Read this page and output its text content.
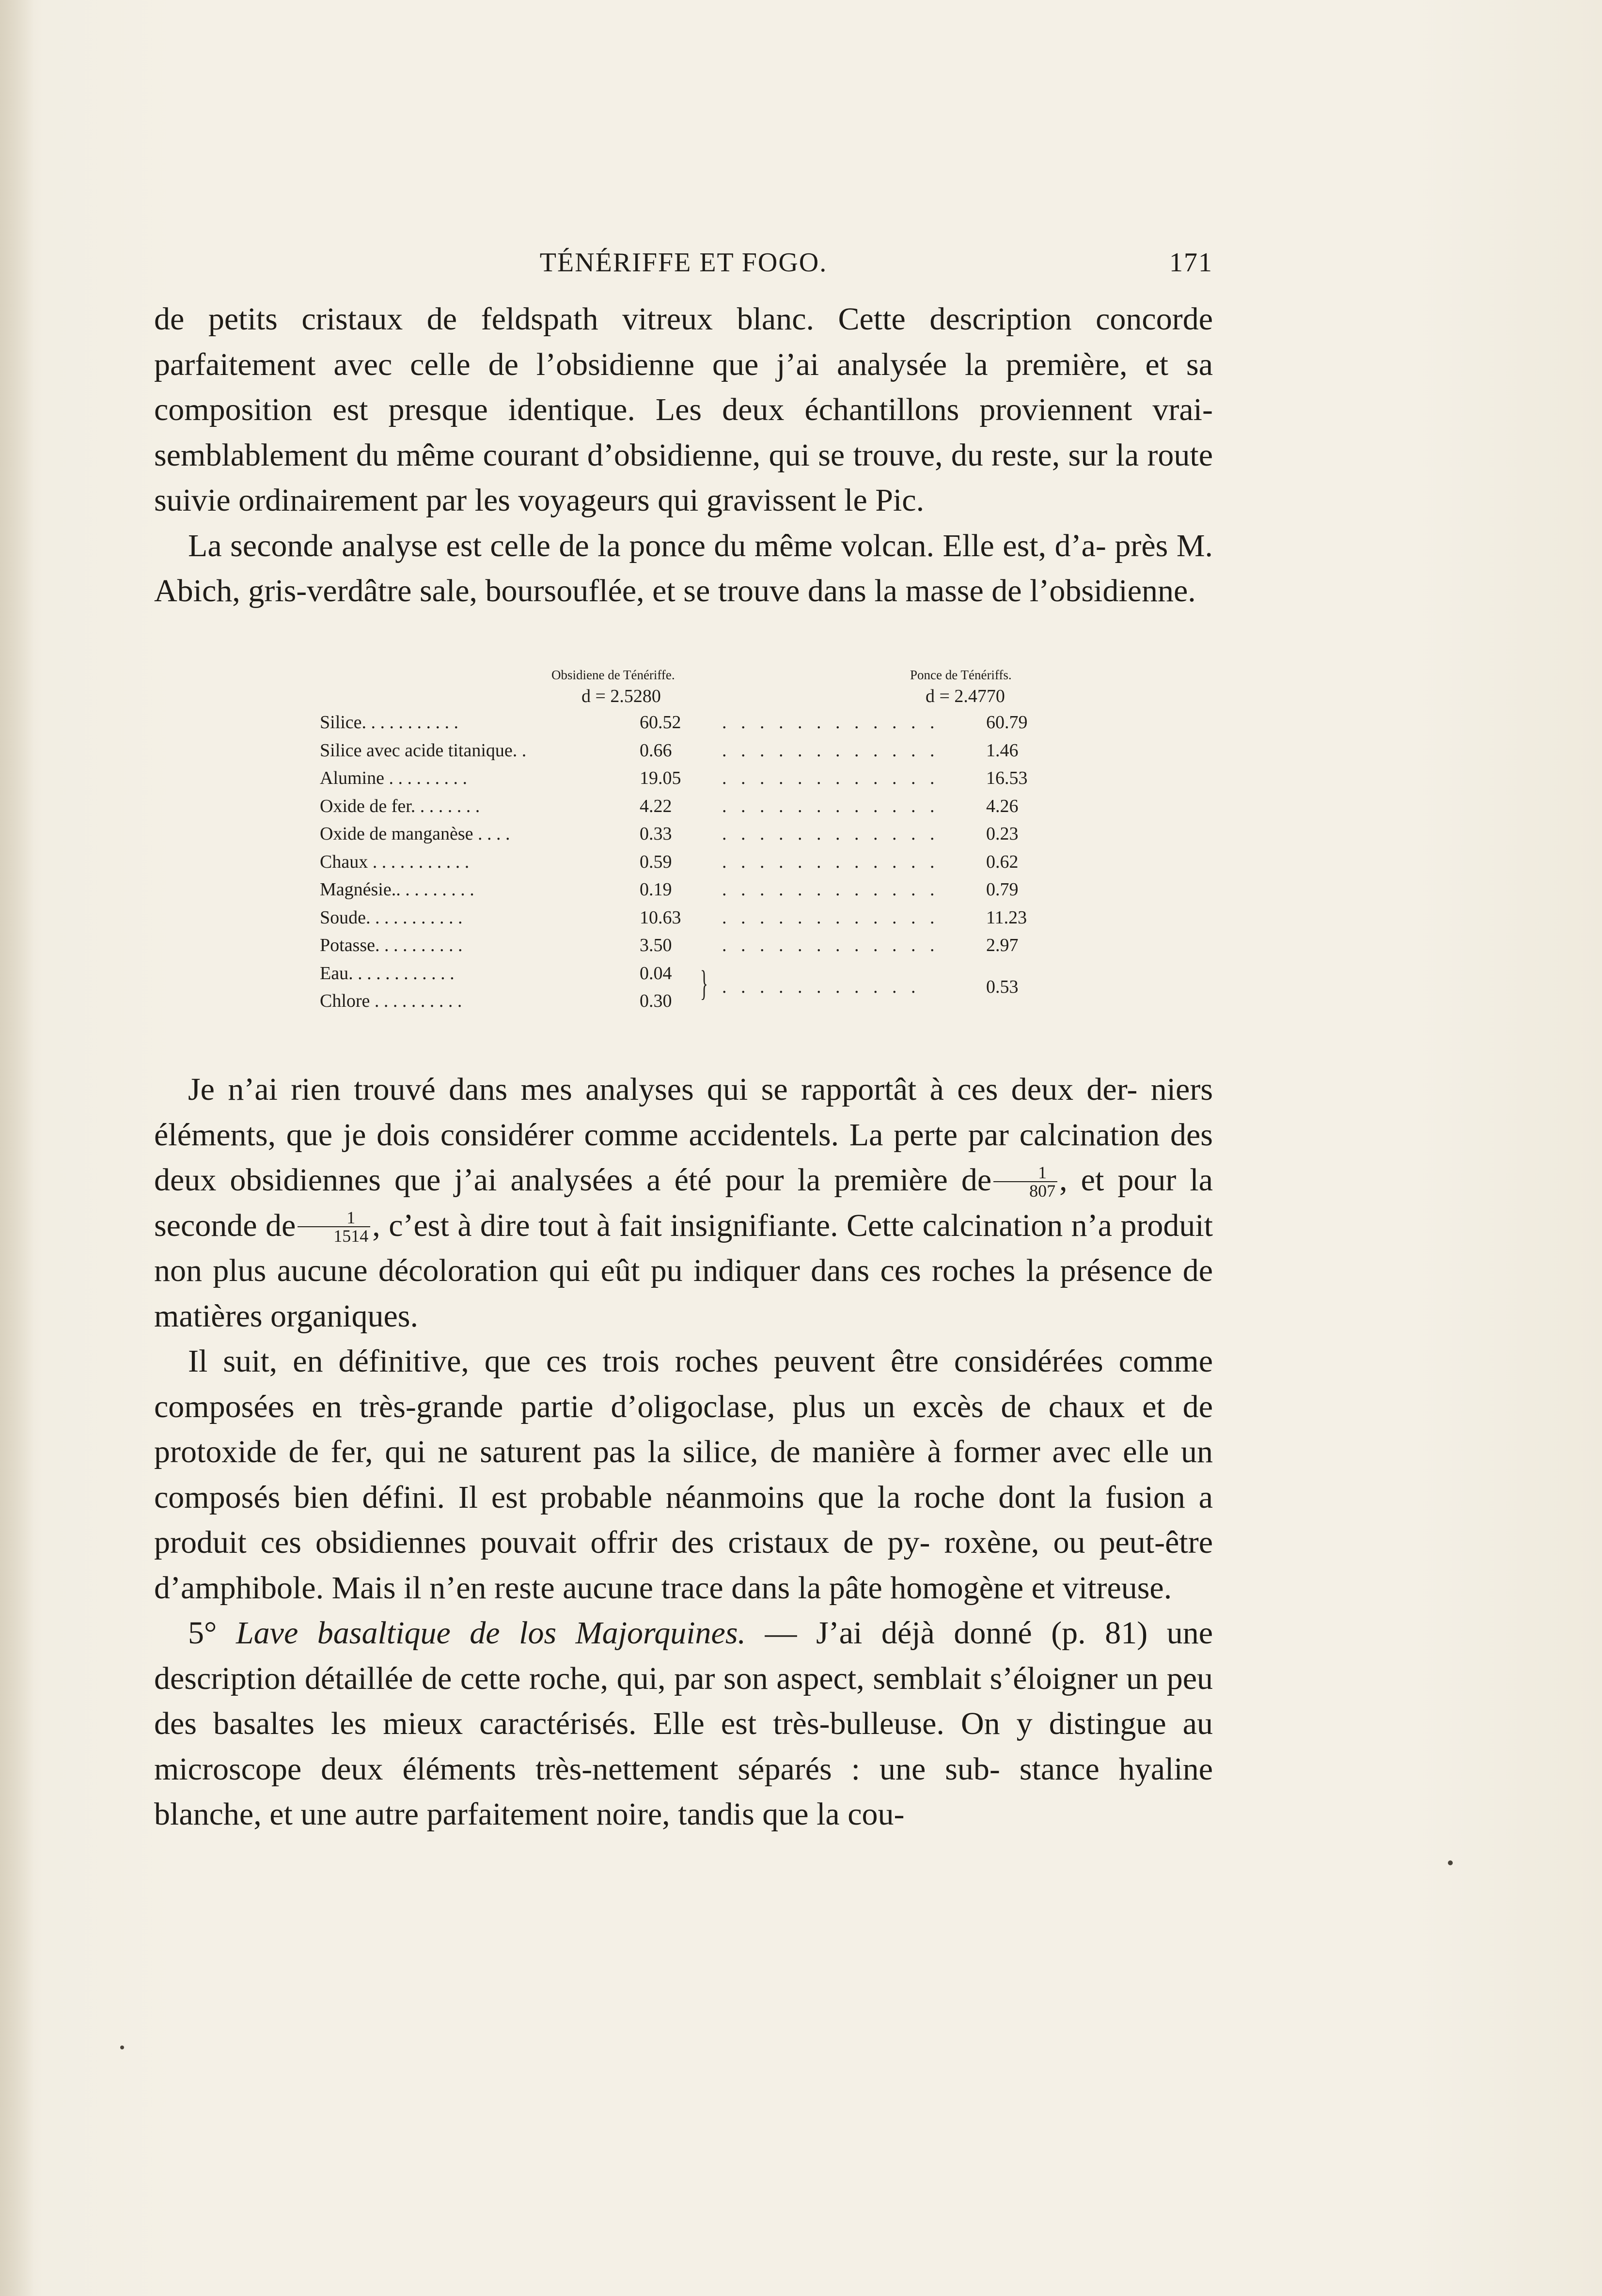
TÉNÉRIFFE ET FOGO.	171

de petits cristaux de feldspath vitreux blanc. Cette description concorde parfaitement avec celle de l’obsidienne que j’ai analysée la première, et sa composition est presque identique. Les deux échantillons proviennent vrai- semblablement du même courant d’obsidienne, qui se trouve, du reste, sur la route suivie ordinairement par les voyageurs qui gravissent le Pic.

La seconde analyse est celle de la ponce du même volcan. Elle est, d’a- près M. Abich, gris-verdâtre sale, boursouflée, et se trouve dans la masse de l’obsidienne.

Obsidiene de Ténériffe.	Ponce de Ténériffs.
d = 2.5280	d = 2.4770
Silice. . . . . . . . . . .	60.52 . . . . . . . . . . . .	60.79
Silice avec acide titanique. .	0.66	. . . . . . . . . . . .	1.46
Alumine . . . . . . . . .	19.05 . . . . . . . . . . . .	16.53
Oxide de fer. . . . . . . .	4.22	. . . . . . . . . . . .	4.26
Oxide de manganèse . . . .	0.33	. . . . . . . . . . . .	0.23
Chaux . . . . . . . . . . .	0.59	. . . . . . . . . . . .	0.62
Magnésie.. . . . . . . . .	0.19	. . . . . . . . . . . .	0.79
Soude. . . . . . . . . . .	10.63 . . . . . . . . . . . .	11.23
Potasse. . . . . . . . . .	3.50	. . . . . . . . . . . .	2.97
Eau. . . . . . . . . . . .	0.04 } . . . . . . . . . . .	0.53
Chlore . . . . . . . . . .	0.30

Je n’ai rien trouvé dans mes analyses qui se rapportât à ces deux der- niers éléments, que je dois considérer comme accidentels. La perte par calcination des deux obsidiennes que j’ai analysées a été pour la première de $\frac{1}{807}$ , et pour la seconde de $\frac{1}{1514}$ , c’est à dire tout à fait insignifiante. Cette calcination n’a produit non plus aucune décoloration qui eût pu indiquer dans ces roches la présence de matières organiques.

Il suit, en définitive, que ces trois roches peuvent être considérées comme composées en très-grande partie d’oligoclase, plus un excès de chaux et de protoxide de fer, qui ne saturent pas la silice, de manière à former avec elle un composés bien défini. Il est probable néanmoins que la roche dont la fusion a produit ces obsidiennes pouvait offrir des cristaux de py- roxène, ou peut-être d’amphibole. Mais il n’en reste aucune trace dans la pâte homogène et vitreuse.

5° Lave basaltique de los Majorquines. — J’ai déjà donné (p. 81) une description détaillée de cette roche, qui, par son aspect, semblait s’éloigner un peu des basaltes les mieux caractérisés. Elle est très-bulleuse. On y distingue au microscope deux éléments très-nettement séparés : une sub- stance hyaline blanche, et une autre parfaitement noire, tandis que la cou-
